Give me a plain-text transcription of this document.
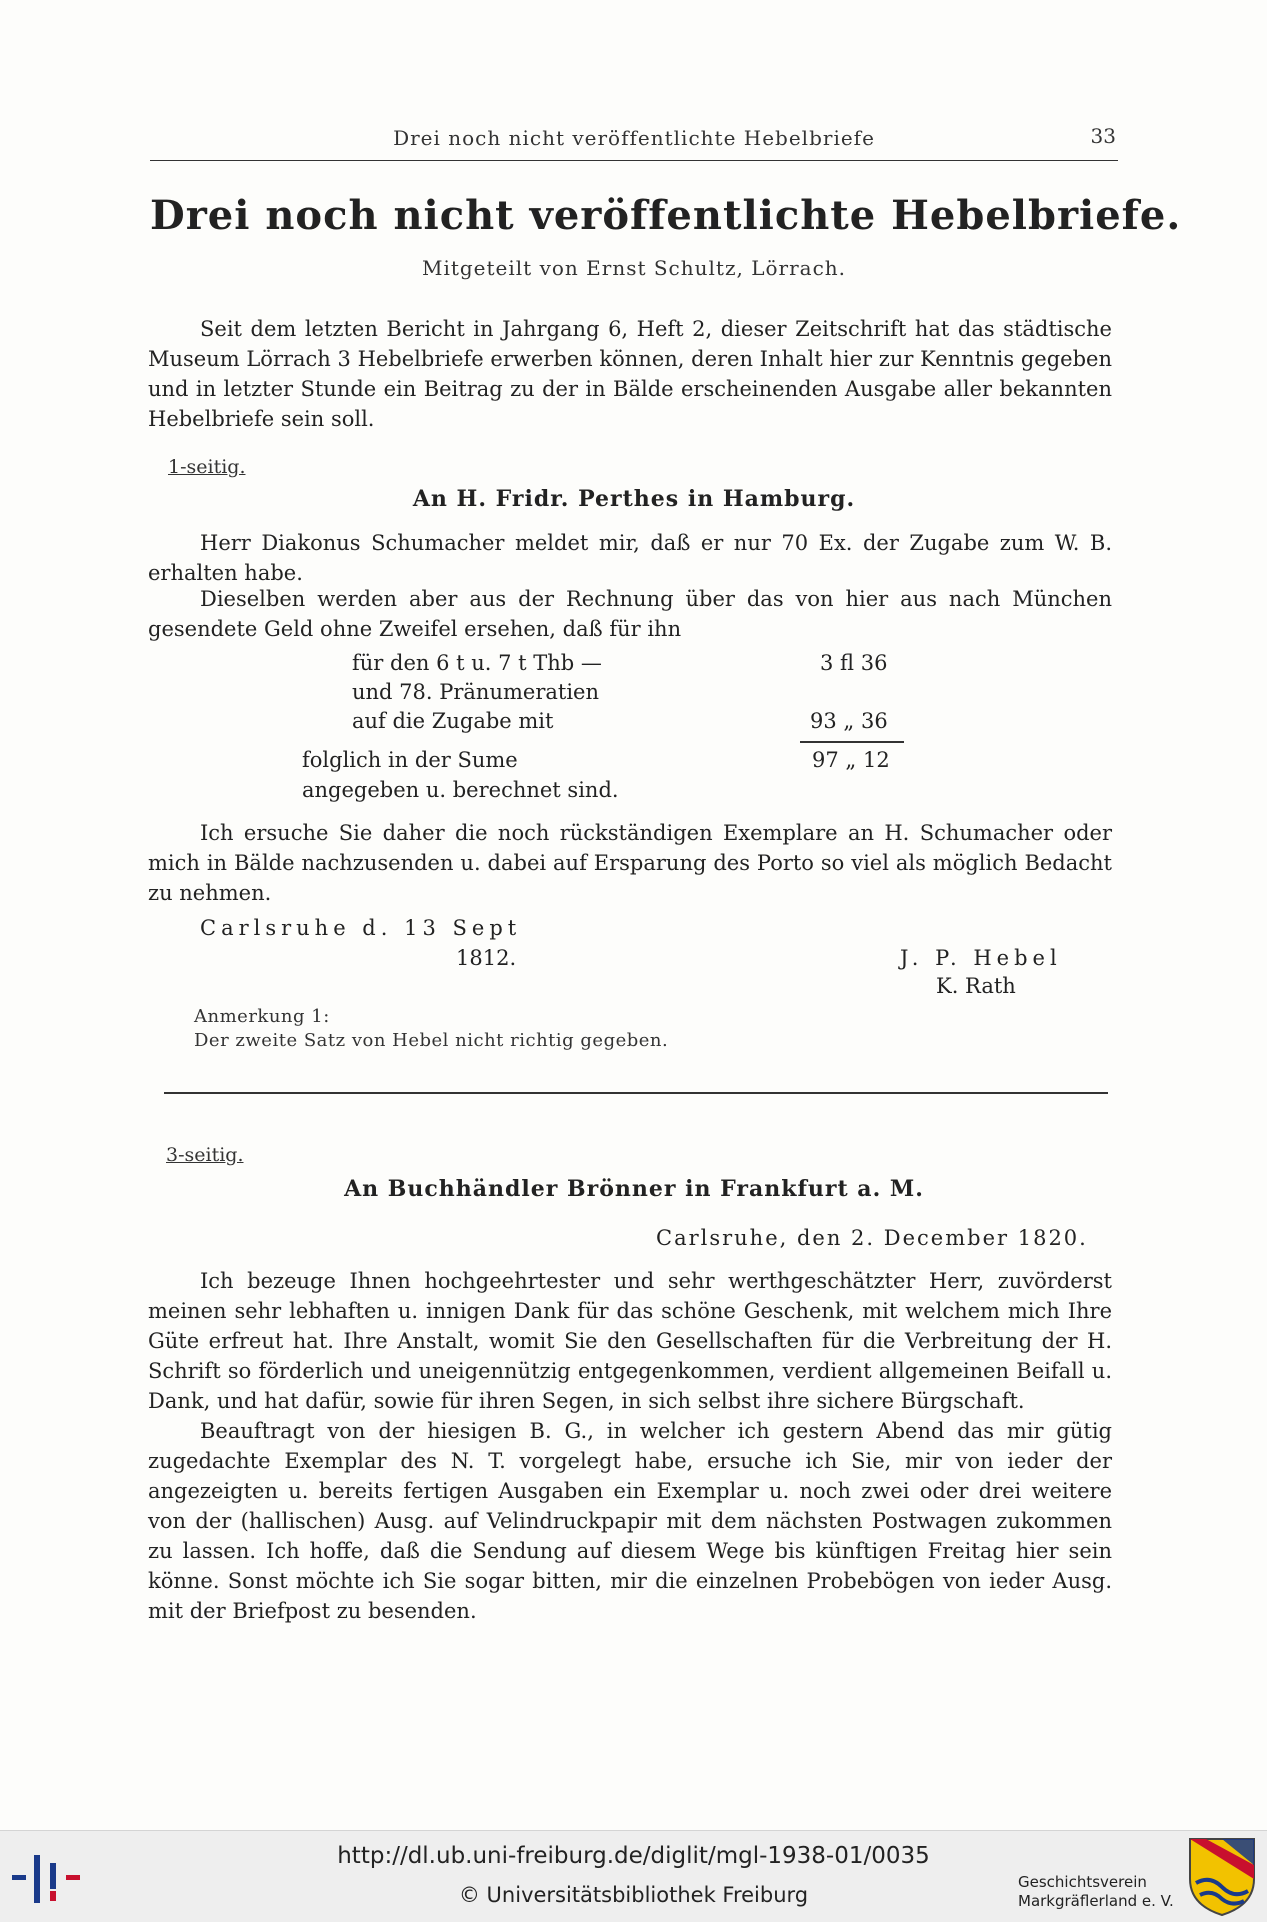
Drei noch nicht veröffentlichte Hebelbriefe	33
Drei noch nicht veröffentlichte Hebelbriefe.
Mitgeteilt von Ernst Schultz, Lörrach.
Seit dem letzten Bericht in Jahrgang 6, Heft 2, dieser Zeitschrift hat das städtische Museum Lörrach 3 Hebelbriefe erwerben können, deren Inhalt hier zur Kenntnis gegeben und in letzter Stunde ein Beitrag zu der in Bälde erscheinenden Ausgabe aller bekannten Hebelbriefe sein soll.
1-seitig.
An H. Fridr. Perthes in Hamburg.
Herr Diakonus Schumacher meldet mir, daß er nur 70 Ex. der Zugabe zum W. B. erhalten habe.
Dieselben werden aber aus der Rechnung über das von hier aus nach München gesendete Geld ohne Zweifel ersehen, daß für ihn
für den 6 t u. 7 t Thb —	3 fl 36
und 78. Pränumeratien
auf die Zugabe mit	93 „ 36
folglich in der Sume	97 „ 12
angegeben u. berechnet sind.
Ich ersuche Sie daher die noch rückständigen Exemplare an H. Schumacher oder mich in Bälde nachzusenden u. dabei auf Ersparung des Porto so viel als möglich Bedacht zu nehmen.
Carlsruhe d. 13 Sept
1812.	J. P. Hebel
K. Rath
Anmerkung 1:
Der zweite Satz von Hebel nicht richtig gegeben.
3-seitig.
An Buchhändler Brönner in Frankfurt a. M.
Carlsruhe, den 2. December 1820.
Ich bezeuge Ihnen hochgeehrtester und sehr werthgeschätzter Herr, zuvörderst meinen sehr lebhaften u. innigen Dank für das schöne Geschenk, mit welchem mich Ihre Güte erfreut hat. Ihre Anstalt, womit Sie den Gesellschaften für die Verbreitung der H. Schrift so förderlich und uneigennützig entgegenkommen, verdient allgemeinen Beifall u. Dank, und hat dafür, sowie für ihren Segen, in sich selbst ihre sichere Bürgschaft.
Beauftragt von der hiesigen B. G., in welcher ich gestern Abend das mir gütig zugedachte Exemplar des N. T. vorgelegt habe, ersuche ich Sie, mir von ieder der angezeigten u. bereits fertigen Ausgaben ein Exemplar u. noch zwei oder drei weitere von der (hallischen) Ausg. auf Velindruckpapir mit dem nächsten Postwagen zukommen zu lassen. Ich hoffe, daß die Sendung auf diesem Wege bis künftigen Freitag hier sein könne. Sonst möchte ich Sie sogar bitten, mir die einzelnen Probebögen von ieder Ausg. mit der Briefpost zu besenden.
http://dl.ub.uni-freiburg.de/diglit/mgl-1938-01/0035
© Universitätsbibliothek Freiburg
Geschichtsverein
Markgräflerland e. V.
